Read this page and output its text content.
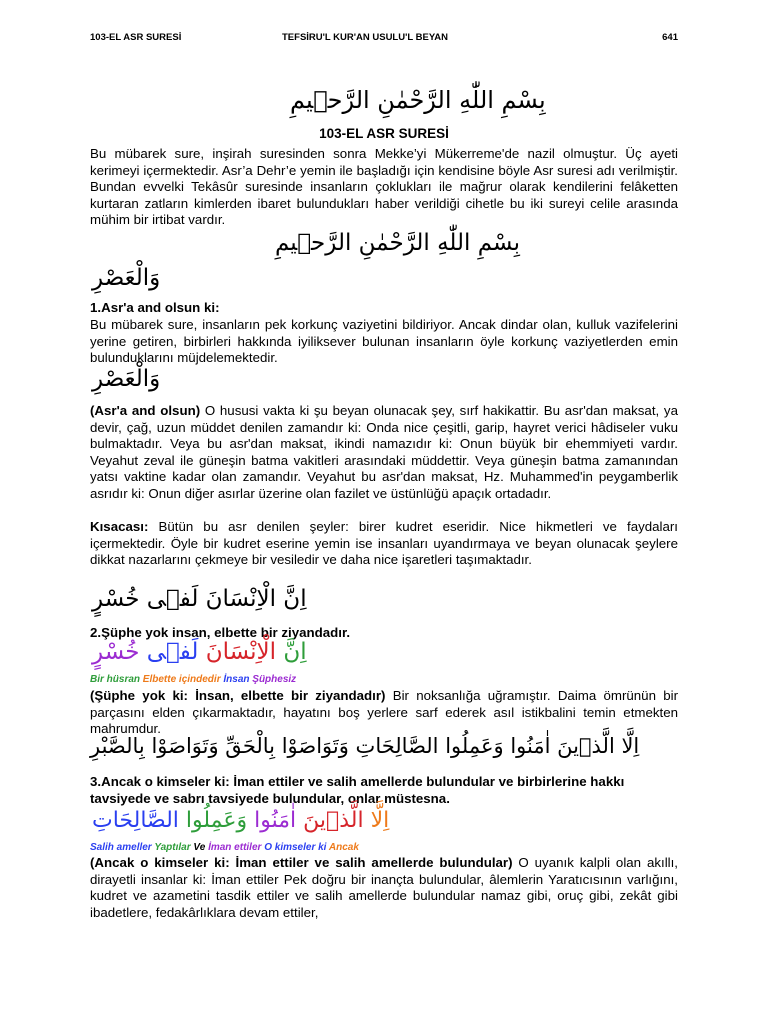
103-EL ASR SURESİ	TEFSİRU'L KUR'AN USULU'L BEYAN	641
بِسْمِ اللّٰهِ الرَّحْمٰنِ الرَّحٖيمِ
103-EL ASR SURESİ

Bu mübarek sure, inşirah suresinden sonra Mekke’yi Mükerreme'de nazil olmuştur. Üç ayeti kerimeyi içermektedir. Asr’a Dehr’e yemin ile başladığı için kendisine böyle Asr suresi adı verilmiştir. Bundan evvelki Tekâsûr suresinde insanların çoklukları ile mağrur olarak kendilerini felâketten kurtaran zatların kimlerden ibaret bulundukları haber verildiği cihetle bu iki sureyi celile arasında mühim bir irtibat vardır.

بِسْمِ اللّٰهِ الرَّحْمٰنِ الرَّحٖيمِ
وَالْعَصْرِ

1.Asr'a and olsun ki:

Bu mübarek sure, insanların pek korkunç vaziyetini bildiriyor. Ancak dindar olan, kulluk vazifelerini yerine getiren, birbirleri hakkında iyiliksever bulunan insanların öyle korkunç vaziyetlerden emin bulunduklarını müjdelemektedir.

وَالْعَصْرِ

(Asr'a and olsun) O hususi vakta ki şu beyan olunacak şey, sırf hakikattir. Bu asr'dan maksat, ya devir, çağ, uzun müddet denilen zamandır ki: Onda nice çeşitli, garip, hayret verici hâdiseler vuku bulmaktadır. Veya bu asr'dan maksat, ikindi namazıdır ki: Onun büyük bir ehemmiyeti vardır. Veyahut zeval ile güneşin batma vakitleri arasındaki müddettir. Veya güneşin batma zamanından yatsı vaktine kadar olan zamandır. Veyahut bu asr'dan maksat, Hz. Muhammed'in peygamberlik asrıdır ki: Onun diğer asırlar üzerine olan fazilet ve üstünlüğü apaçık ortadadır.

Kısacası: Bütün bu asr denilen şeyler: birer kudret eseridir. Nice hikmetleri ve faydaları içermektedir. Öyle bir kudret eserine yemin ise insanları uyandırmaya ve beyan olunacak şeylere dikkat nazarlarını çekmeye bir vesiledir ve daha nice işaretleri taşımaktadır.

اِنَّ الْاِنْسَانَ لَفٖى خُسْرٍ

2.Şüphe yok insan, elbette bir ziyandadır.

اِنَّ الْاِنْسَانَ لَفٖى خُسْرٍ
Bir hüsran Elbette içindedir İnsan Şüphesiz

(Şüphe yok ki: İnsan, elbette bir ziyandadır) Bir noksanlığa uğramıştır. Daima ömrünün bir parçasını elden çıkarmaktadır, hayatını boş yerlere sarf ederek asıl istikbalini temin etmekten mahrumdur.

اِلَّا الَّذٖينَ اٰمَنُوا وَعَمِلُوا الصَّالِحَاتِ وَتَوَاصَوْا بِالْحَقِّ وَتَوَاصَوْا بِالصَّبْرِ

3.Ancak o kimseler ki: İman ettiler ve salih amellerde bulundular ve birbirlerine hakkı tavsiyede ve sabrı tavsiyede bulundular, onlar müstesna.

اِلَّا الَّذٖينَ اٰمَنُوا وَعَمِلُوا الصَّالِحَاتِ
Salih ameller Yaptılar Ve İman ettiler O kimseler ki Ancak

(Ancak o kimseler ki: İman ettiler ve salih amellerde bulundular) O uyanık kalpli olan akıllı, dirayetli insanlar ki: İman ettiler Pek doğru bir inançta bulundular, âlemlerin Yaratıcısının varlığını, kudret ve azametini tasdik ettiler ve salih amellerde bulundular namaz gibi, oruç gibi, zekât gibi ibadetlere, fedakârlıklara devam ettiler,
